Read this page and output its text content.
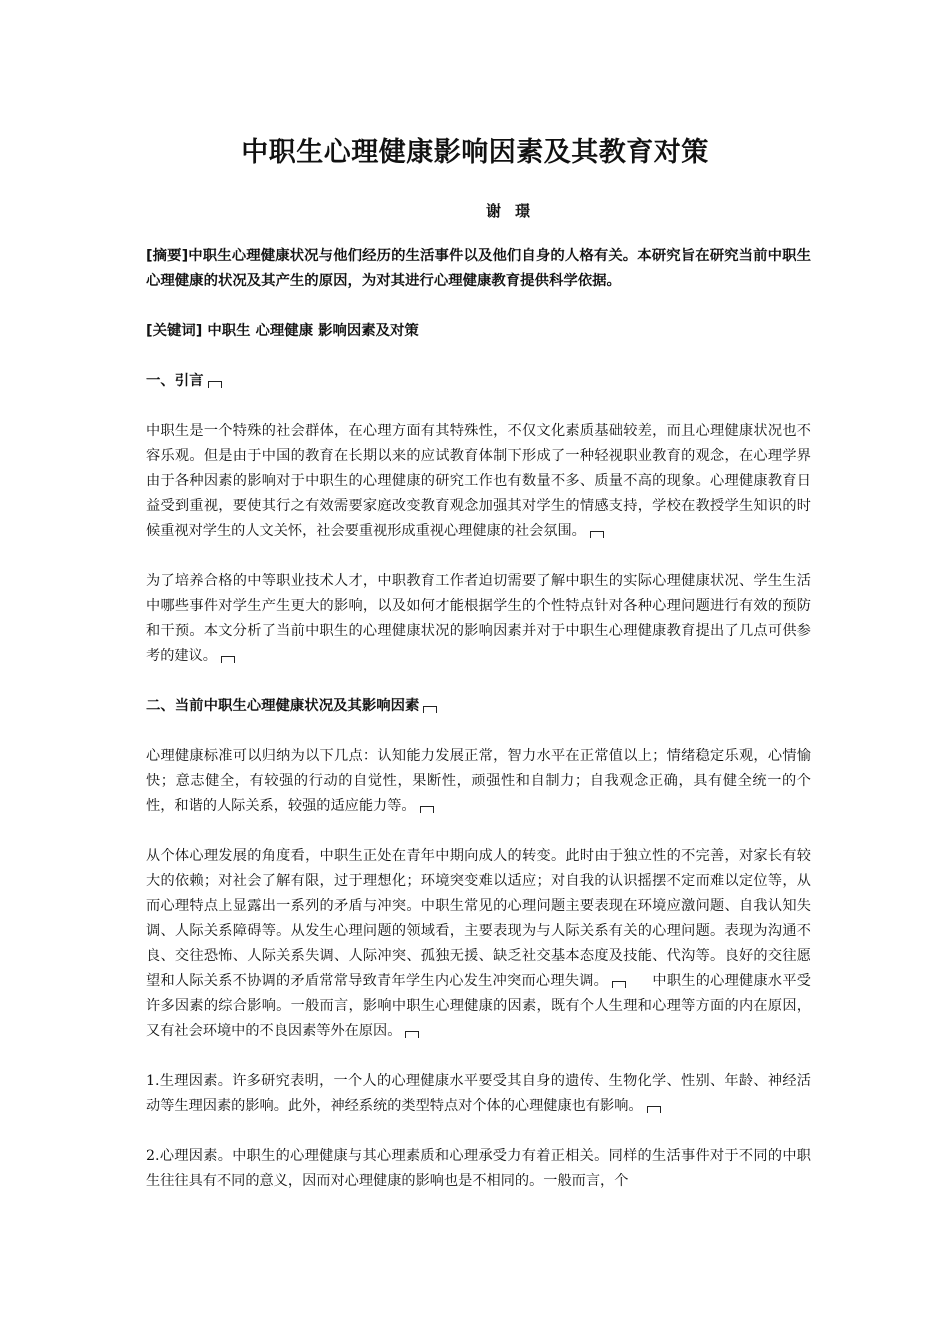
中职生心理健康影响因素及其教育对策
谢璟

[摘要]中职生心理健康状况与他们经历的生活事件以及他们自身的人格有关。本研究旨在研究当前中职生心理健康的状况及其产生的原因，为对其进行心理健康教育提供科学依据。

[关键词] 中职生 心理健康 影响因素及对策

一、引言

中职生是一个特殊的社会群体，在心理方面有其特殊性，不仅文化素质基础较差，而且心理健康状况也不容乐观。但是由于中国的教育在长期以来的应试教育体制下形成了一种轻视职业教育的观念，在心理学界由于各种因素的影响对于中职生的心理健康的研究工作也有数量不多、质量不高的现象。心理健康教育日益受到重视，要使其行之有效需要家庭改变教育观念加强其对学生的情感支持，学校在教授学生知识的时候重视对学生的人文关怀，社会要重视形成重视心理健康的社会氛围。

为了培养合格的中等职业技术人才，中职教育工作者迫切需要了解中职生的实际心理健康状况、学生生活中哪些事件对学生产生更大的影响，以及如何才能根据学生的个性特点针对各种心理问题进行有效的预防和干预。本文分析了当前中职生的心理健康状况的影响因素并对于中职生心理健康教育提出了几点可供参考的建议。

二、当前中职生心理健康状况及其影响因素

心理健康标准可以归纳为以下几点：认知能力发展正常，智力水平在正常值以上；情绪稳定乐观，心情愉快；意志健全，有较强的行动的自觉性，果断性，顽强性和自制力；自我观念正确，具有健全统一的个性，和谐的人际关系，较强的适应能力等。

从个体心理发展的角度看，中职生正处在青年中期向成人的转变。此时由于独立性的不完善，对家长有较大的依赖；对社会了解有限，过于理想化；环境突变难以适应；对自我的认识摇摆不定而难以定位等，从而心理特点上显露出一系列的矛盾与冲突。中职生常见的心理问题主要表现在环境应激问题、自我认知失调、人际关系障碍等。从发生心理问题的领域看，主要表现为与人际关系有关的心理问题。表现为沟通不良、交往恐怖、人际关系失调、人际冲突、孤独无援、缺乏社交基本态度及技能、代沟等。良好的交往愿望和人际关系不协调的矛盾常常导致青年学生内心发生冲突而心理失调。	中职生的心理健康水平受许多因素的综合影响。一般而言，影响中职生心理健康的因素，既有个人生理和心理等方面的内在原因，又有社会环境中的不良因素等外在原因。

1.生理因素。许多研究表明，一个人的心理健康水平要受其自身的遗传、生物化学、性别、年龄、神经活动等生理因素的影响。此外，神经系统的类型特点对个体的心理健康也有影响。

2.心理因素。中职生的心理健康与其心理素质和心理承受力有着正相关。同样的生活事件对于不同的中职生往往具有不同的意义，因而对心理健康的影响也是不相同的。一般而言，个
